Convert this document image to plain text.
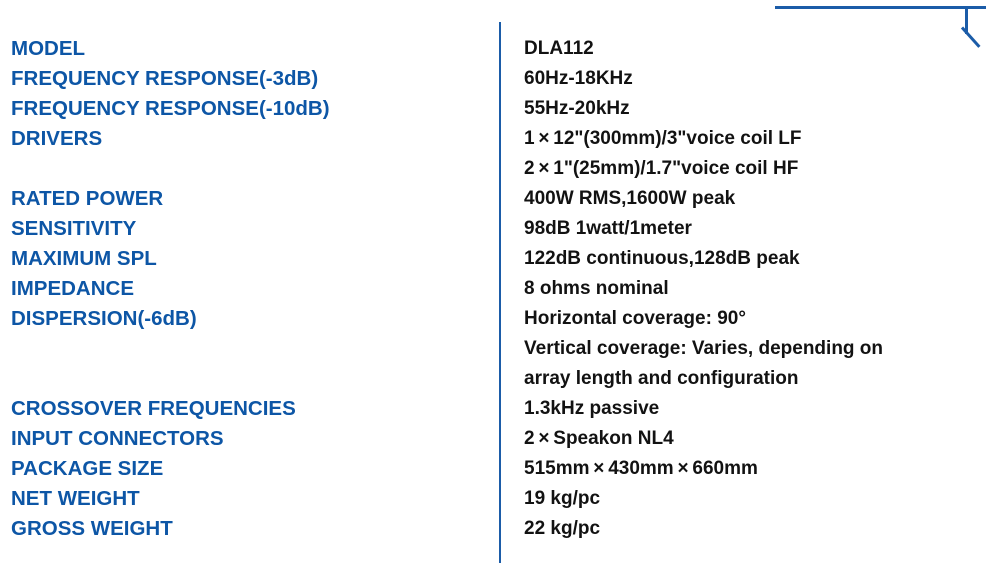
MODEL
FREQUENCY RESPONSE(-3dB)
FREQUENCY RESPONSE(-10dB)
DRIVERS
RATED POWER
SENSITIVITY
MAXIMUM SPL
IMPEDANCE
DISPERSION(-6dB)
CROSSOVER FREQUENCIES
INPUT CONNECTORS
PACKAGE SIZE
NET WEIGHT
GROSS WEIGHT
DLA112
60Hz-18KHz
55Hz-20kHz
1 × 12"(300mm)/3"voice coil LF
2 × 1"(25mm)/1.7"voice coil HF
400W RMS,1600W peak
98dB 1watt/1meter
122dB continuous,128dB peak
8 ohms nominal
Horizontal coverage: 90°
Vertical coverage: Varies, depending on
array length and configuration
1.3kHz passive
2 × Speakon NL4
515mm × 430mm × 660mm
19 kg/pc
22 kg/pc
